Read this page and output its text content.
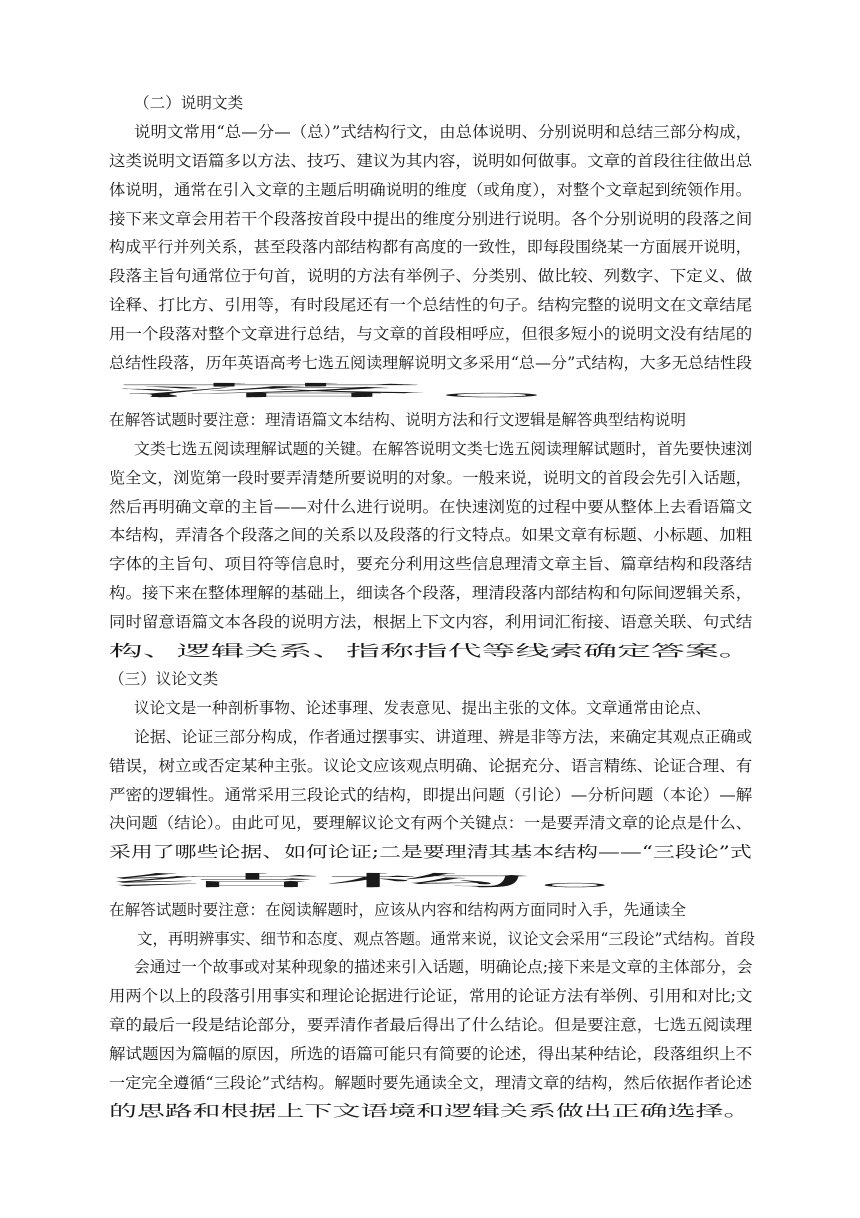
（二）说明文类

说明文常用“总—分—（总）”式结构行文，由总体说明、分别说明和总结三部分构成，

这类说明文语篇多以方法、技巧、建议为其内容，说明如何做事。文章的首段往往做出总

体说明，通常在引入文章的主题后明确说明的维度（或角度），对整个文章起到统领作用。

接下来文章会用若干个段落按首段中提出的维度分别进行说明。各个分别说明的段落之间

构成平行并列关系，甚至段落内部结构都有高度的一致性，即每段围绕某一方面展开说明，

段落主旨句通常位于句首，说明的方法有举例子、分类别、做比较、列数字、下定义、做

诠释、打比方、引用等，有时段尾还有一个总结性的句子。结构完整的说明文在文章结尾

用一个段落对整个文章进行总结，与文章的首段相呼应，但很多短小的说明文没有结尾的

总结性段落，历年英语高考七选五阅读理解说明文多采用“总—分”式结构，大多无总结性段

落。

在解答试题时要注意：理清语篇文本结构、说明方法和行文逻辑是解答典型结构说明

文类七选五阅读理解试题的关键。在解答说明文类七选五阅读理解试题时，首先要快速浏

览全文，浏览第一段时要弄清楚所要说明的对象。一般来说，说明文的首段会先引入话题，

然后再明确文章的主旨——对什么进行说明。在快速浏览的过程中要从整体上去看语篇文

本结构，弄清各个段落之间的关系以及段落的行文特点。如果文章有标题、小标题、加粗

字体的主旨句、项目符等信息时，要充分利用这些信息理清文章主旨、篇章结构和段落结

构。接下来在整体理解的基础上，细读各个段落，理清段落内部结构和句际间逻辑关系，

同时留意语篇文本各段的说明方法，根据上下文内容，利用词汇衔接、语意关联、句式结

构、逻辑关系、指称指代等线索确定答案。

（三）议论文类

议论文是一种剖析事物、论述事理、发表意见、提出主张的文体。文章通常由论点、

论据、论证三部分构成，作者通过摆事实、讲道理、辨是非等方法，来确定其观点正确或

错误，树立或否定某种主张。议论文应该观点明确、论据充分、语言精练、论证合理、有

严密的逻辑性。通常采用三段论式的结构，即提出问题（引论）—分析问题（本论）—解

决问题（结论）。由此可见，要理解议论文有两个关键点：一是要弄清文章的论点是什么、

采用了哪些论据、如何论证;二是要理清其基本结构——“三段论”式

结构。

在解答试题时要注意：在阅读解题时，应该从内容和结构两方面同时入手，先通读全

文，再明辨事实、细节和态度、观点答题。通常来说，议论文会采用“三段论”式结构。首段

会通过一个故事或对某种现象的描述来引入话题，明确论点;接下来是文章的主体部分，会

用两个以上的段落引用事实和理论论据进行论证，常用的论证方法有举例、引用和对比;文

章的最后一段是结论部分，要弄清作者最后得出了什么结论。但是要注意，七选五阅读理

解试题因为篇幅的原因，所选的语篇可能只有简要的论述，得出某种结论，段落组织上不

一定完全遵循“三段论”式结构。解题时要先通读全文，理清文章的结构，然后依据作者论述

的思路和根据上下文语境和逻辑关系做出正确选择。
